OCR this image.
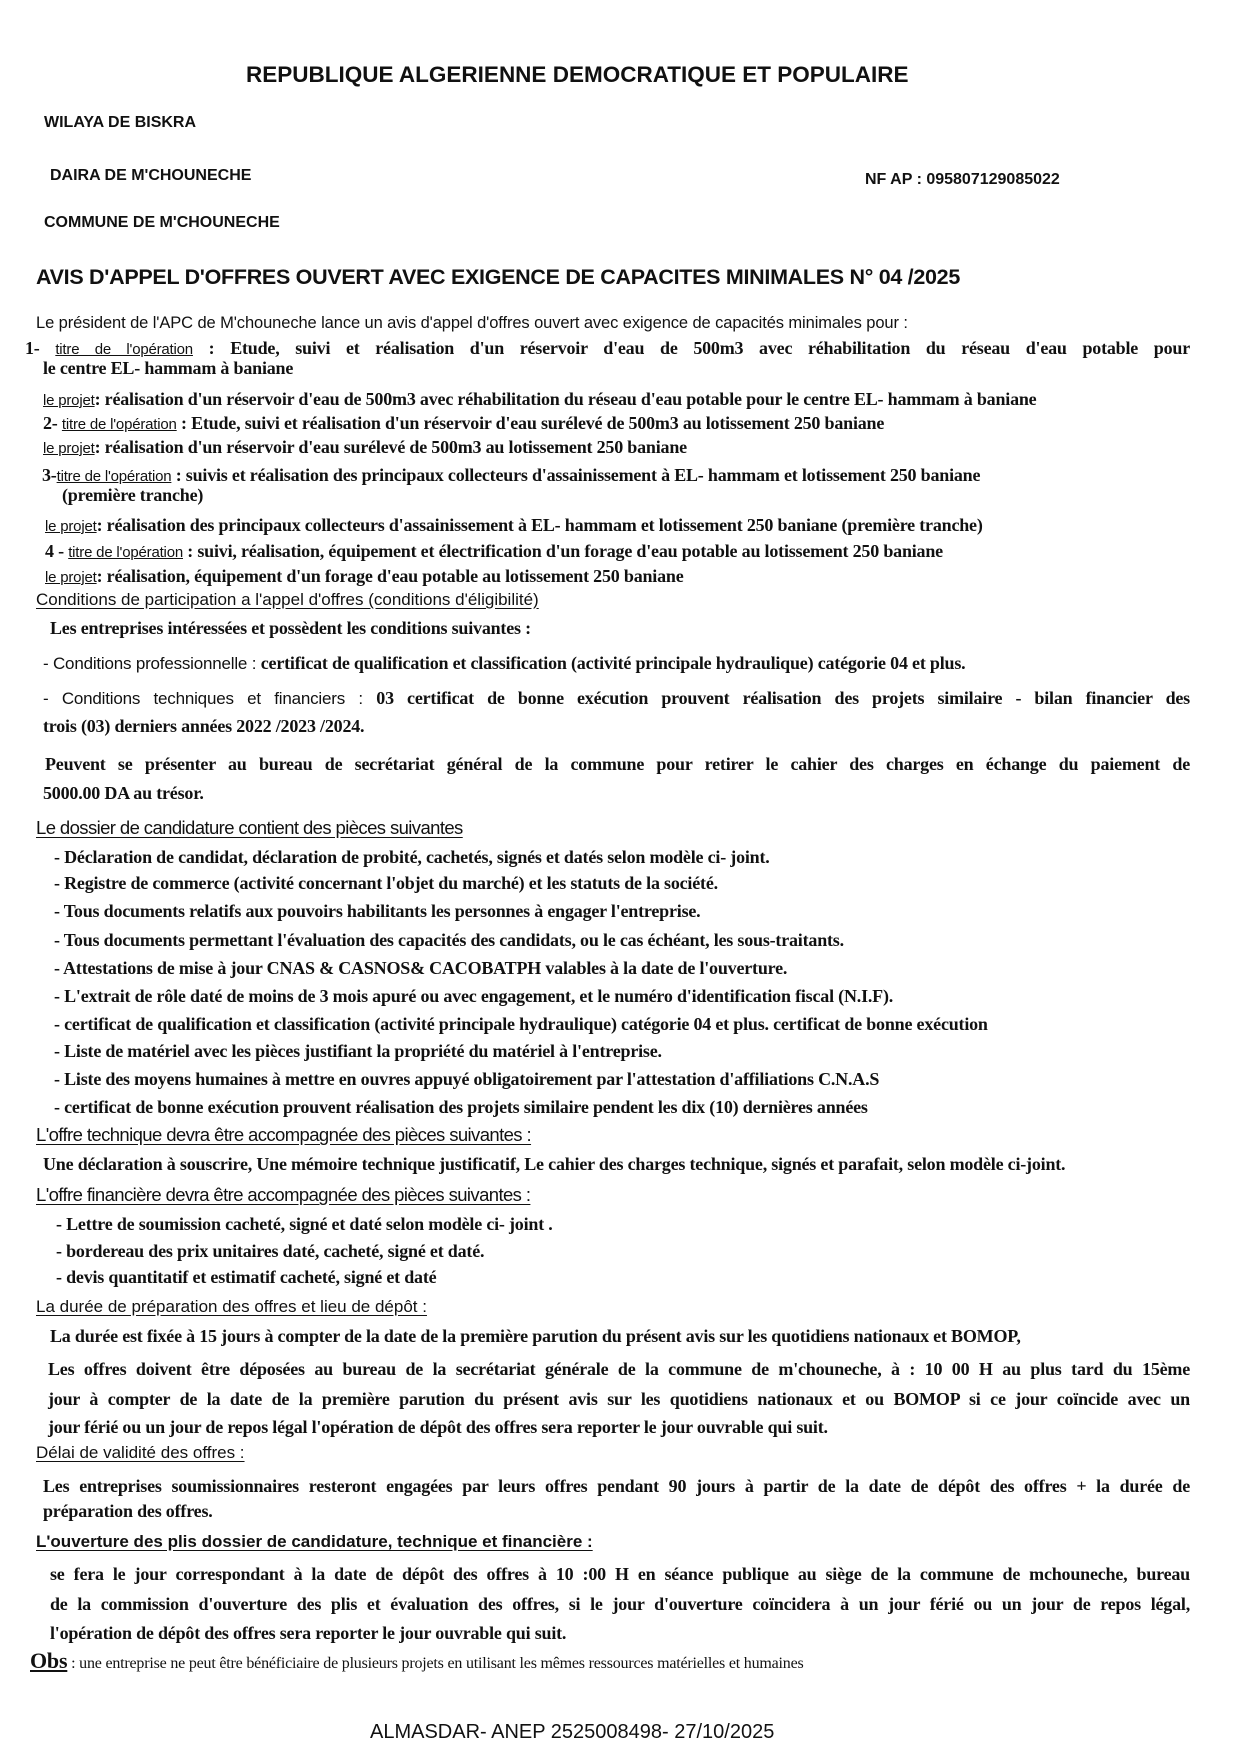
REPUBLIQUE ALGERIENNE DEMOCRATIQUE ET POPULAIRE
WILAYA DE BISKRA
DAIRA DE M'CHOUNECHE	NF AP : 095807129085022
COMMUNE DE M'CHOUNECHE
AVIS D'APPEL D'OFFRES OUVERT AVEC EXIGENCE DE CAPACITES MINIMALES N° 04 /2025
Le président de l'APC de M'chouneche lance un avis d'appel d'offres ouvert avec exigence de capacités minimales pour :
1- titre de l'opération : Etude, suivi et réalisation d'un réservoir d'eau de 500m3 avec réhabilitation du réseau d'eau potable pour
le centre EL- hammam à baniane
le projet: réalisation d'un réservoir d'eau de 500m3 avec réhabilitation du réseau d'eau potable pour le centre EL- hammam à baniane
2- titre de l'opération : Etude, suivi et réalisation d'un réservoir d'eau surélevé de 500m3 au lotissement 250 baniane
le projet: réalisation d'un réservoir d'eau surélevé de 500m3 au lotissement 250 baniane
3-titre de l'opération : suivis et réalisation des principaux collecteurs d'assainissement à EL- hammam et lotissement 250 baniane
(première tranche)
le projet: réalisation des principaux collecteurs d'assainissement à EL- hammam et lotissement 250 baniane (première tranche)
4 - titre de l'opération : suivi, réalisation, équipement et électrification d'un forage d'eau potable au lotissement 250 baniane
le projet: réalisation, équipement d'un forage d'eau potable au lotissement 250 baniane
Conditions de participation a l'appel d'offres (conditions d'éligibilité)
Les entreprises intéressées et possèdent les conditions suivantes :
- Conditions professionnelle : certificat de qualification et classification (activité principale hydraulique) catégorie 04 et plus.
- Conditions techniques et financiers : 03 certificat de bonne exécution prouvent réalisation des projets similaire - bilan financier des
trois (03) derniers années 2022 /2023 /2024.
Peuvent se présenter au bureau de secrétariat général de la commune pour retirer le cahier des charges en échange du paiement de
5000.00 DA au trésor.
Le dossier de candidature contient des pièces suivantes
- Déclaration de candidat, déclaration de probité, cachetés, signés et datés selon modèle ci- joint.
- Registre de commerce (activité concernant l'objet du marché) et les statuts de la société.
- Tous documents relatifs aux pouvoirs habilitants les personnes à engager l'entreprise.
- Tous documents permettant l'évaluation des capacités des candidats, ou le cas échéant, les sous-traitants.
- Attestations de mise à jour CNAS & CASNOS& CACOBATPH valables à la date de l'ouverture.
- L'extrait de rôle daté de moins de 3 mois apuré ou avec engagement, et le numéro d'identification fiscal (N.I.F).
- certificat de qualification et classification (activité principale hydraulique) catégorie 04 et plus. certificat de bonne exécution
- Liste de matériel avec les pièces justifiant la propriété du matériel à l'entreprise.
- Liste des moyens humaines à mettre en ouvres appuyé obligatoirement par l'attestation d'affiliations C.N.A.S
- certificat de bonne exécution prouvent réalisation des projets similaire pendent les dix (10) dernières années
L'offre technique devra être accompagnée des pièces suivantes :
Une déclaration à souscrire, Une mémoire technique justificatif, Le cahier des charges technique, signés et parafait, selon modèle ci-joint.
L'offre financière devra être accompagnée des pièces suivantes :
- Lettre de soumission cacheté, signé et daté selon modèle ci- joint .
- bordereau des prix unitaires daté, cacheté, signé et daté.
- devis quantitatif et estimatif cacheté, signé et daté
La durée de préparation des offres et lieu de dépôt :
La durée est fixée à 15 jours à compter de la date de la première parution du présent avis sur les quotidiens nationaux et BOMOP,
Les offres doivent être déposées au bureau de la secrétariat générale de la commune de m'chouneche, à : 10 00 H au plus tard du 15ème
jour à compter de la date de la première parution du présent avis sur les quotidiens nationaux et ou BOMOP si ce jour coïncide avec un
jour férié ou un jour de repos légal l'opération de dépôt des offres sera reporter le jour ouvrable qui suit.
Délai de validité des offres :
Les entreprises soumissionnaires resteront engagées par leurs offres pendant 90 jours à partir de la date de dépôt des offres + la durée de
préparation des offres.
L'ouverture des plis dossier de candidature, technique et financière :
se fera le jour correspondant à la date de dépôt des offres à 10 :00 H en séance publique au siège de la commune de mchouneche, bureau
de la commission d'ouverture des plis et évaluation des offres, si le jour d'ouverture coïncidera à un jour férié ou un jour de repos légal,
l'opération de dépôt des offres sera reporter le jour ouvrable qui suit.
Obs : une entreprise ne peut être bénéficiaire de plusieurs projets en utilisant les mêmes ressources matérielles et humaines
ALMASDAR- ANEP 2525008498- 27/10/2025
